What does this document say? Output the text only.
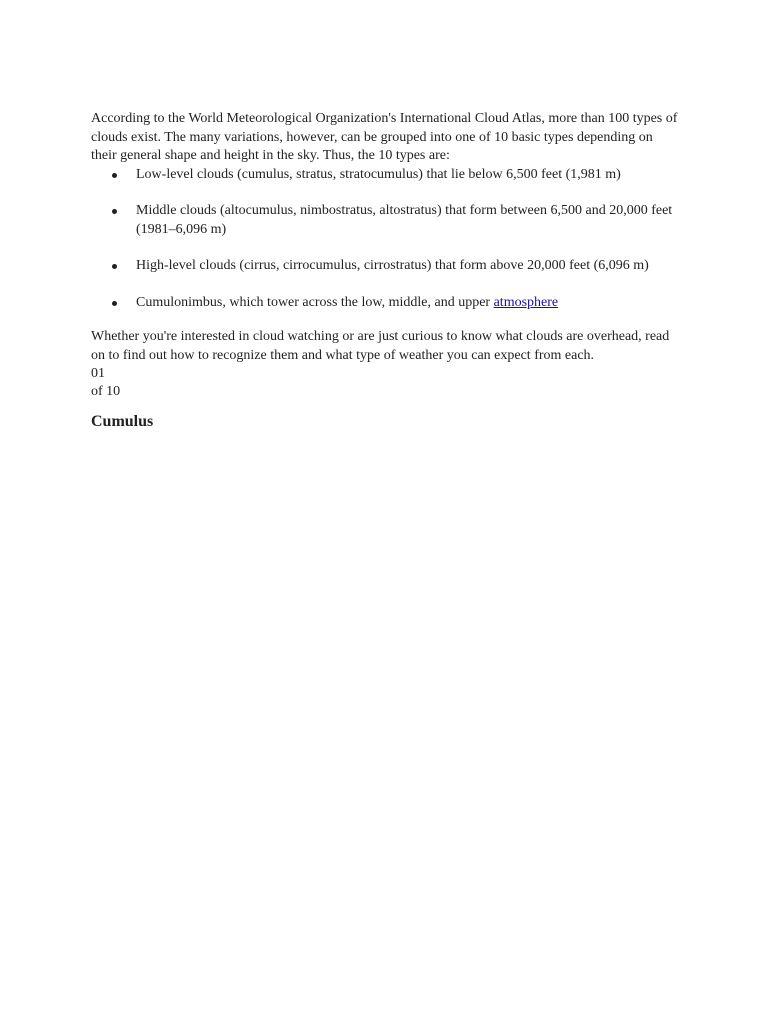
According to the World Meteorological Organization's International Cloud Atlas, more than 100 types of clouds exist. The many variations, however, can be grouped into one of 10 basic types depending on their general shape and height in the sky. Thus, the 10 types are:

Low-level clouds (cumulus, stratus, stratocumulus) that lie below 6,500 feet (1,981 m)
Middle clouds (altocumulus, nimbostratus, altostratus) that form between 6,500 and 20,000 feet (1981–6,096 m)
High-level clouds (cirrus, cirrocumulus, cirrostratus) that form above 20,000 feet (6,096 m)
Cumulonimbus, which tower across the low, middle, and upper atmosphere

Whether you're interested in cloud watching or are just curious to know what clouds are overhead, read on to find out how to recognize them and what type of weather you can expect from each.

01
of 10
Cumulus
